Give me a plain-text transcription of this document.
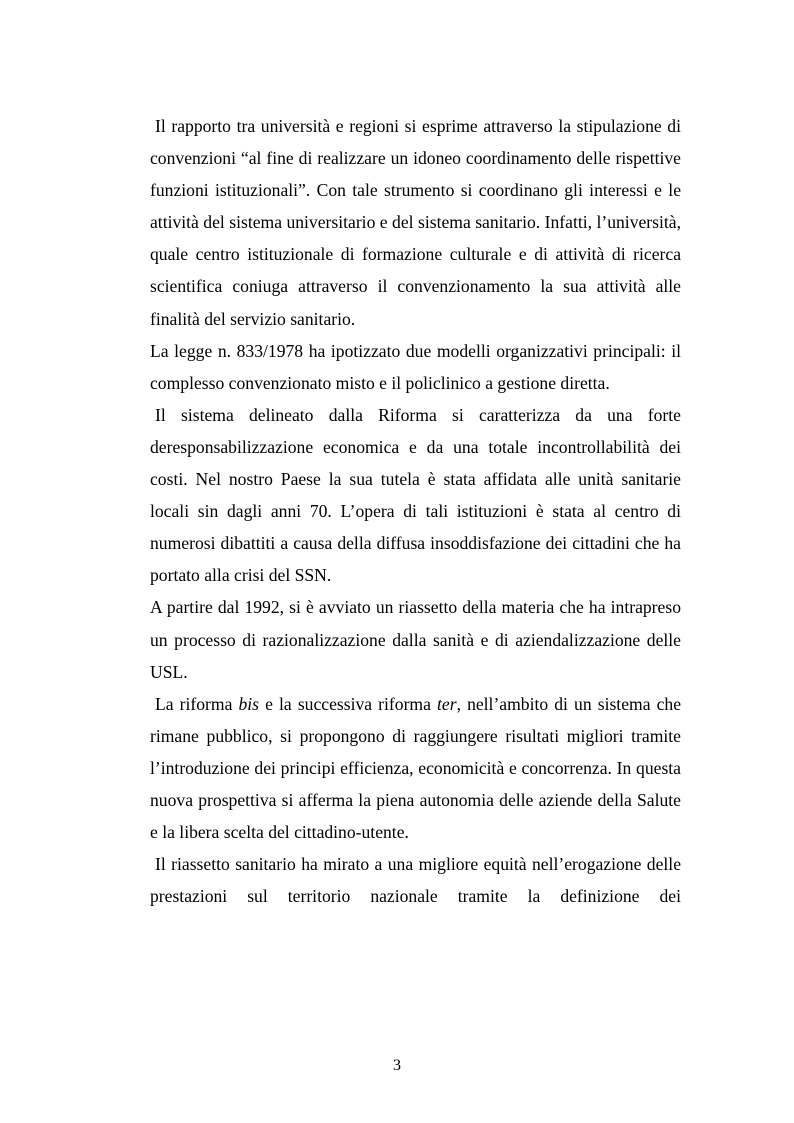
Il rapporto tra università e regioni si esprime attraverso la stipulazione di convenzioni “al fine di realizzare un idoneo coordinamento delle rispettive funzioni istituzionali”. Con tale strumento si coordinano gli interessi e le attività del sistema universitario e del sistema sanitario. Infatti, l’università, quale centro istituzionale di formazione culturale e di attività di ricerca scientifica coniuga attraverso il convenzionamento la sua attività alle finalità del servizio sanitario.

La legge n. 833/1978 ha ipotizzato due modelli organizzativi principali: il complesso convenzionato misto e il policlinico a gestione diretta.

Il sistema delineato dalla Riforma si caratterizza da una forte deresponsabilizzazione economica e da una totale incontrollabilità dei costi. Nel nostro Paese la sua tutela è stata affidata alle unità sanitarie locali sin dagli anni 70. L’opera di tali istituzioni è stata al centro di numerosi dibattiti a causa della diffusa insoddisfazione dei cittadini che ha portato alla crisi del SSN.

A partire dal 1992, si è avviato un riassetto della materia che ha intrapreso un processo di razionalizzazione dalla sanità e di aziendalizzazione delle USL.

La riforma bis e la successiva riforma ter, nell’ambito di un sistema che rimane pubblico, si propongono di raggiungere risultati migliori tramite l’introduzione dei principi efficienza, economicità e concorrenza. In questa nuova prospettiva si afferma la piena autonomia delle aziende della Salute e la libera scelta del cittadino-utente.

Il riassetto sanitario ha mirato a una migliore equità nell’erogazione delle prestazioni sul territorio nazionale tramite la definizione dei

3
